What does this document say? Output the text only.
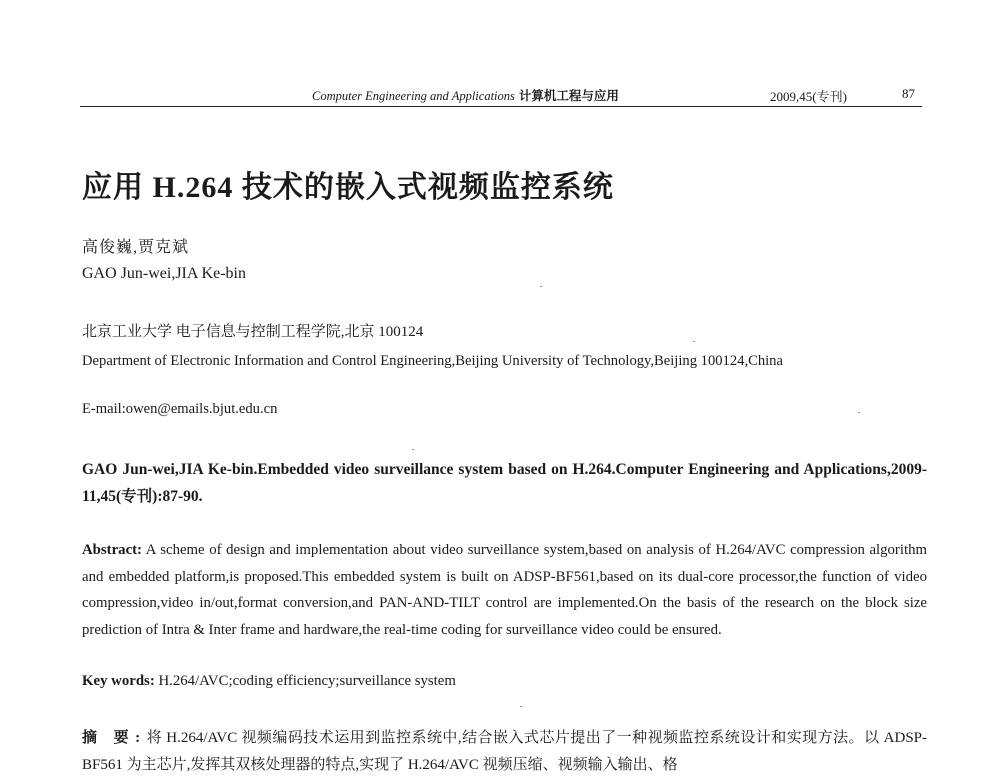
Computer Engineering and Applications 计算机工程与应用	2009,45(专刊)	87
应用 H.264 技术的嵌入式视频监控系统
高俊巍,贾克斌
GAO Jun-wei,JIA Ke-bin
北京工业大学 电子信息与控制工程学院,北京 100124
Department of Electronic Information and Control Engineering,Beijing University of Technology,Beijing 100124,China
E-mail:owen@emails.bjut.edu.cn
GAO Jun-wei,JIA Ke-bin.Embedded video surveillance system based on H.264.Computer Engineering and Applications,2009-11,45(专刊):87-90.
Abstract: A scheme of design and implementation about video surveillance system,based on analysis of H.264/AVC compression algorithm and embedded platform,is proposed.This embedded system is built on ADSP-BF561,based on its dual-core processor,the function of video compression,video in/out,format conversion,and PAN-AND-TILT control are implemented.On the basis of the research on the block size prediction of Intra & Inter frame and hardware,the real-time coding for surveillance video could be ensured.
Key words: H.264/AVC;coding efficiency;surveillance system
摘 要:将 H.264/AVC 视频编码技术运用到监控系统中,结合嵌入式芯片提出了一种视频监控系统设计和实现方法。以 ADSP-BF561 为主芯片,发挥其双核处理器的特点,实现了 H.264/AVC 视频压缩、视频输入输出、格
